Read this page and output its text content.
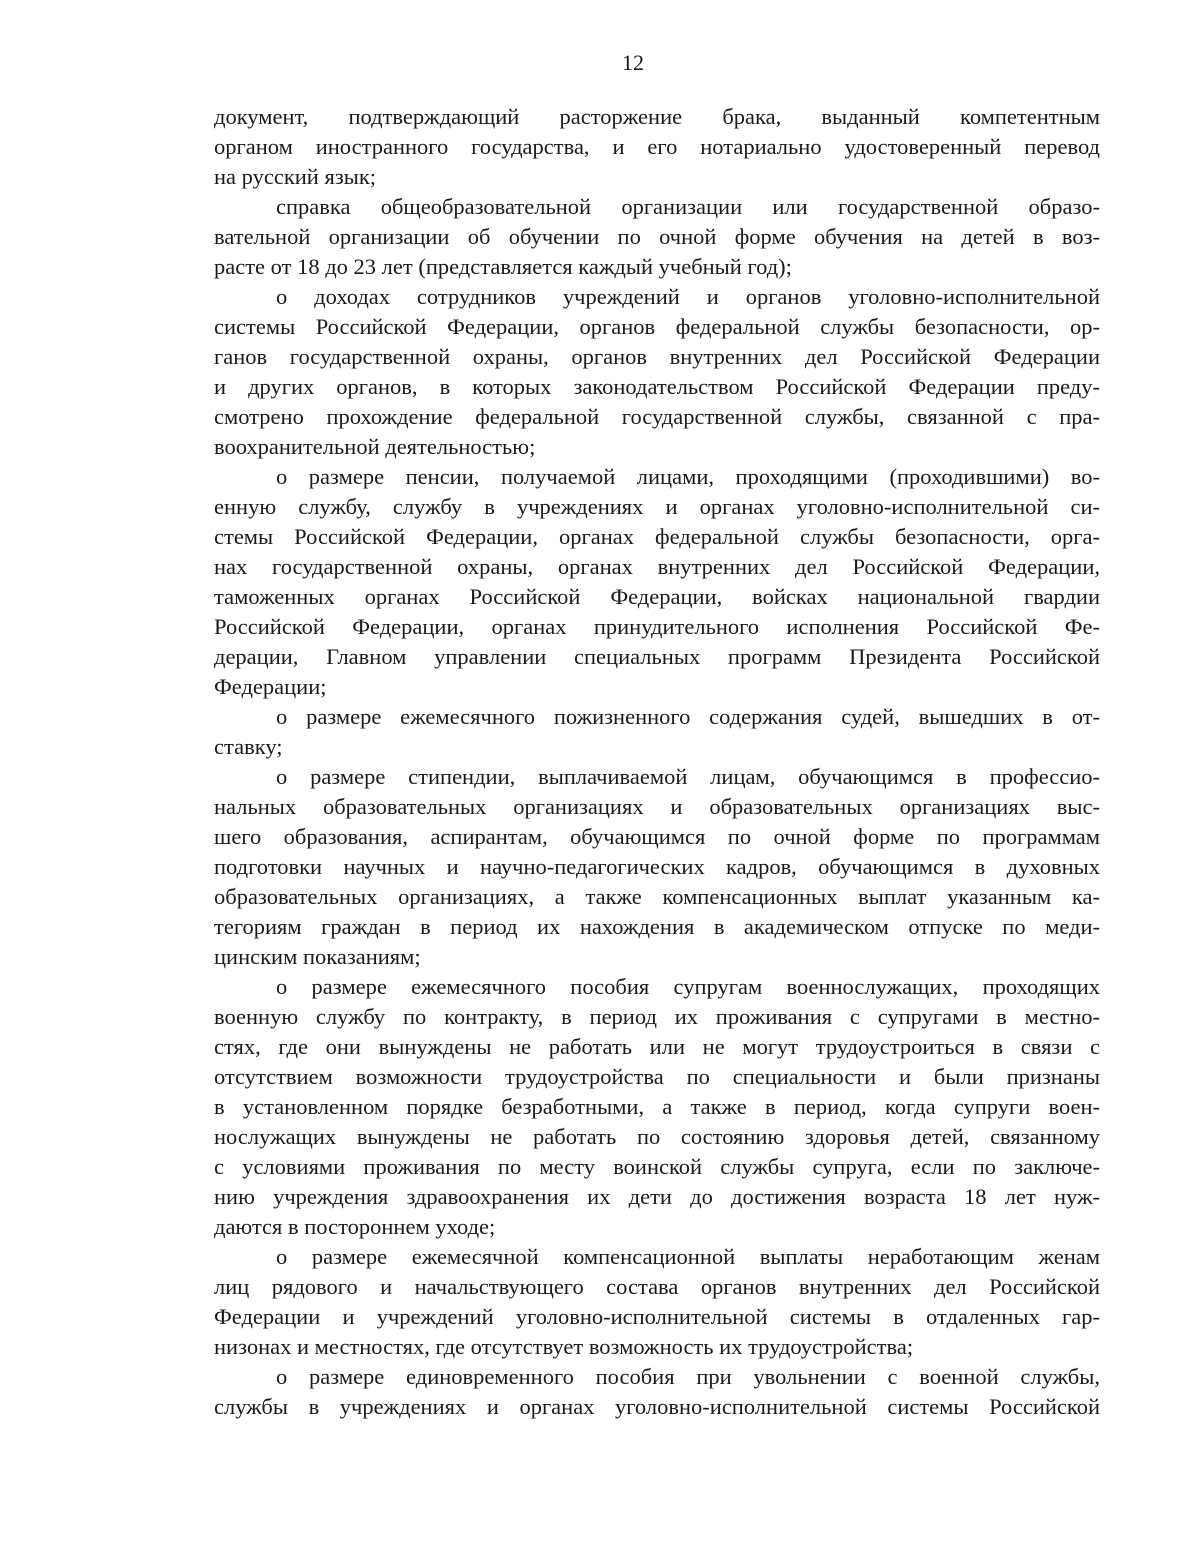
12
документ, подтверждающий расторжение брака, выданный компетентным
органом иностранного государства, и его нотариально удостоверенный перевод
на русский язык;
справка общеобразовательной организации или государственной образо-
вательной организации об обучении по очной форме обучения на детей в воз-
расте от 18 до 23 лет (представляется каждый учебный год);
о доходах сотрудников учреждений и органов уголовно-исполнительной
системы Российской Федерации, органов федеральной службы безопасности, ор-
ганов государственной охраны, органов внутренних дел Российской Федерации
и других органов, в которых законодательством Российской Федерации преду-
смотрено прохождение федеральной государственной службы, связанной с пра-
воохранительной деятельностью;
о размере пенсии, получаемой лицами, проходящими (проходившими) во-
енную службу, службу в учреждениях и органах уголовно-исполнительной си-
стемы Российской Федерации, органах федеральной службы безопасности, орга-
нах государственной охраны, органах внутренних дел Российской Федерации,
таможенных органах Российской Федерации, войсках национальной гвардии
Российской Федерации, органах принудительного исполнения Российской Фе-
дерации, Главном управлении специальных программ Президента Российской
Федерации;
о размере ежемесячного пожизненного содержания судей, вышедших в от-
ставку;
о размере стипендии, выплачиваемой лицам, обучающимся в профессио-
нальных образовательных организациях и образовательных организациях выс-
шего образования, аспирантам, обучающимся по очной форме по программам
подготовки научных и научно-педагогических кадров, обучающимся в духовных
образовательных организациях, а также компенсационных выплат указанным ка-
тегориям граждан в период их нахождения в академическом отпуске по меди-
цинским показаниям;
о размере ежемесячного пособия супругам военнослужащих, проходящих
военную службу по контракту, в период их проживания с супругами в местно-
стях, где они вынуждены не работать или не могут трудоустроиться в связи с
отсутствием возможности трудоустройства по специальности и были признаны
в установленном порядке безработными, а также в период, когда супруги воен-
нослужащих вынуждены не работать по состоянию здоровья детей, связанному
с условиями проживания по месту воинской службы супруга, если по заключе-
нию учреждения здравоохранения их дети до достижения возраста 18 лет нуж-
даются в постороннем уходе;
о размере ежемесячной компенсационной выплаты неработающим женам
лиц рядового и начальствующего состава органов внутренних дел Российской
Федерации и учреждений уголовно-исполнительной системы в отдаленных гар-
низонах и местностях, где отсутствует возможность их трудоустройства;
о размере единовременного пособия при увольнении с военной службы,
службы в учреждениях и органах уголовно-исполнительной системы Российской
